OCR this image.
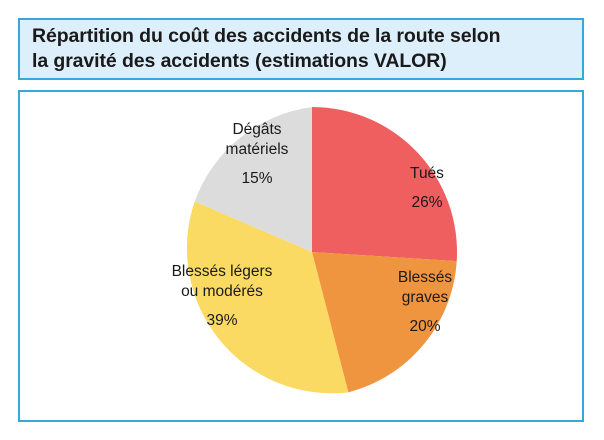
Répartition du coût des accidents de la route selon
la gravité des accidents (estimations VALOR)
Tués
26%
Blessés
graves
20%
Blessés légers
ou modérés
39%
Dégâts
matériels
15%
